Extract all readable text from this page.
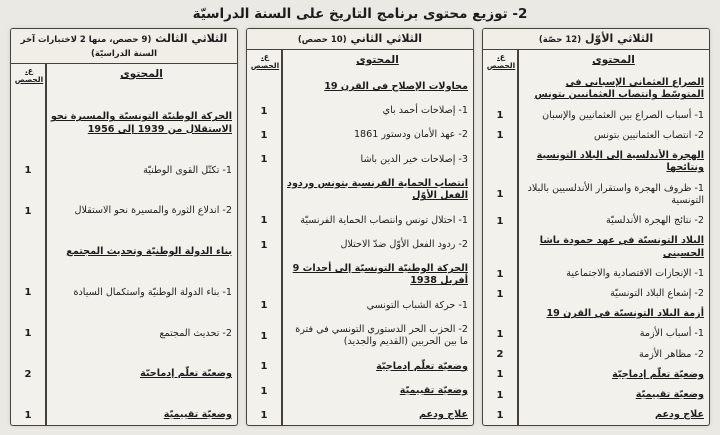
2- توزيع محتوى برنامج التاريخ على السنة الدراسيّة
الثلاثي الأوّل (12 حصّة)
المحتوى
ع. الحصص
الصراع العثماني الإسباني في المتوسّط وانتصاب العثمانيين بتونس
1- أسباب الصراع بين العثمانيين والإسبان
1
2- انتصاب العثمانيين بتونس
1
الهجرة الأندلسية إلى البلاد التونسية ونتائجها
1- ظروف الهجرة واستقرار الأندلسيين بالبلاد التونسية
1
2- نتائج الهجرة الأندلسيّة
1
البلاد التونسيّة في عهد حمودة باشا الحسيني
1- الإنجازات الاقتصادية والاجتماعية
1
2- إشعاع البلاد التونسيّة
1
أزمة البلاد التونسيّة في القرن 19
1- أسباب الأزمة
1
2- مظاهر الأزمة
2
وضعيّة تعلّم إدماجيّة
1
وضعيّة تقييميّة
1
علاج ودعم
1
الثلاثي الثاني (10 حصص)
المحتوى
ع. الحصص
محاولات الإصلاح في القرن 19
1- إصلاحات أحمد باي
1
2- عهد الأمان ودستور 1861
1
3- إصلاحات خير الدين باشا
1
انتصاب الحماية الفرنسية بتونس وردود الفعل الأوّل
1- احتلال تونس وانتصاب الحماية الفرنسيّة
1
2- ردود الفعل الأوّل ضدّ الاحتلال
1
الحركة الوطنيّة التونسيّة إلى أحداث 9 أفريل 1938
1- حركة الشباب التونسي
1
2- الحزب الحر الدستوري التونسي في فترة ما بين الحربين (القديم والجديد)
1
وضعيّة تعلّم إدماجيّة
1
وضعيّة تقييميّة
1
علاج ودعم
1
الثلاثي الثالث (9 حصص، منها 2 لاختبارات آخر السنة الدراسيّة)
المحتوى
ع. الحصص
الحركة الوطنيّة التونسيّة والمسيرة نحو الاستقلال من 1939 إلى 1956
1- تكتّل القوى الوطنيّة
1
2- اندلاع الثورة والمسيرة نحو الاستقلال
1
بناء الدولة الوطنيّة وتحديث المجتمع
1- بناء الدولة الوطنيّة واستكمال السيادة
1
2- تحديث المجتمع
1
وضعيّة تعلّم إدماجيّة
2
وضعيّة تقييميّة
1
